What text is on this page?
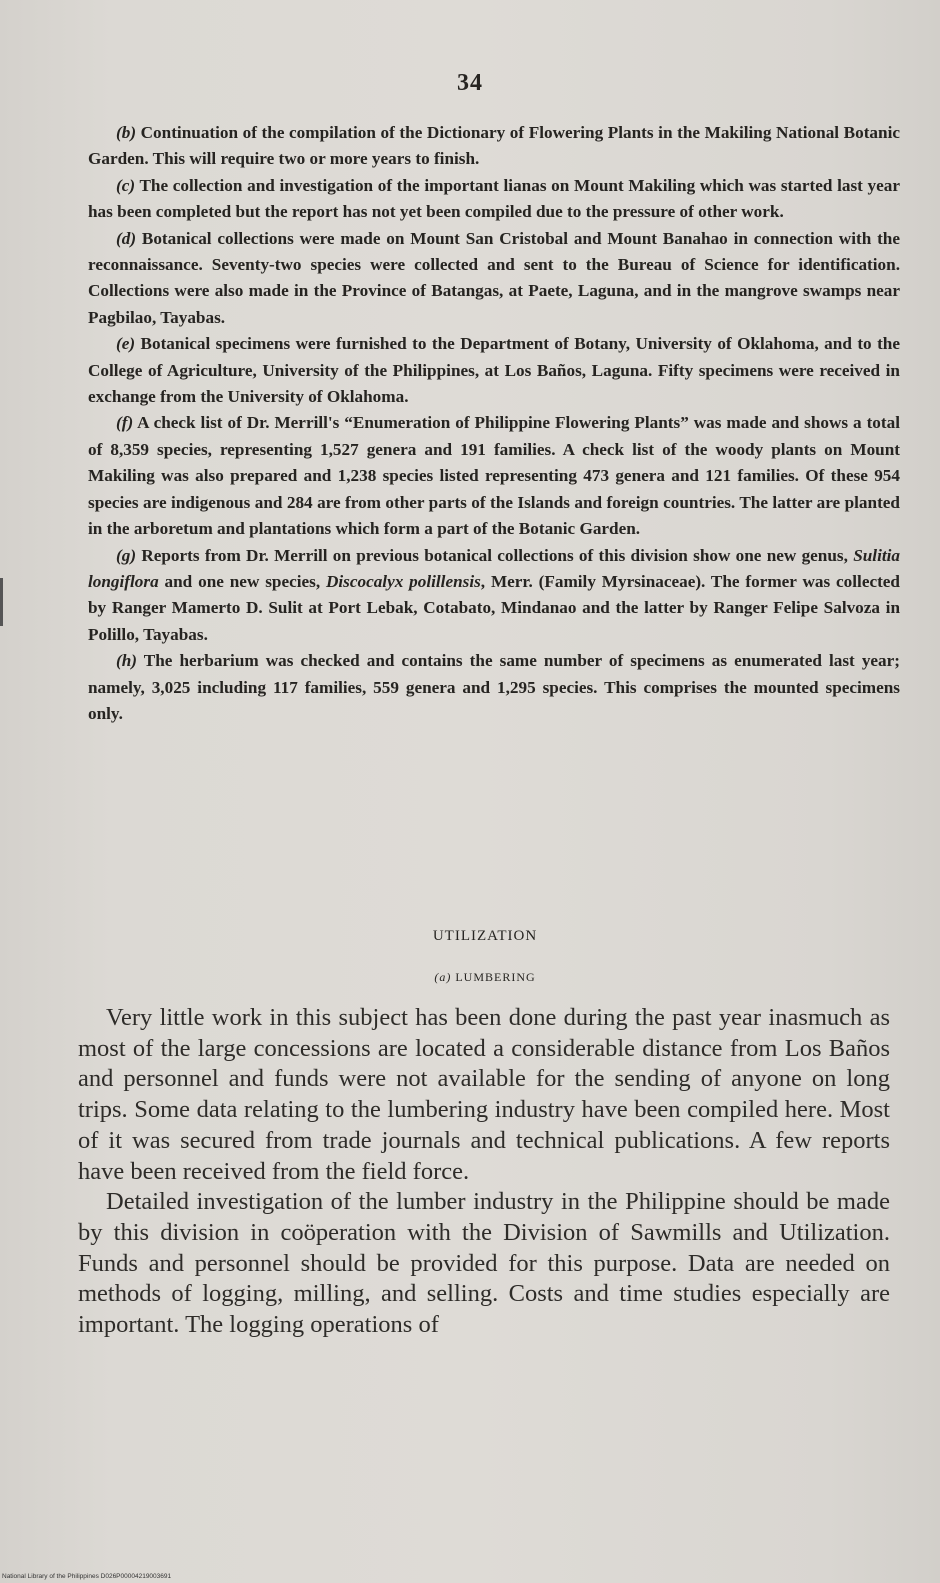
34

(b) Continuation of the compilation of the Dictionary of Flowering Plants in the Makiling National Botanic Garden. This will require two or more years to finish.

(c) The collection and investigation of the important lianas on Mount Makiling which was started last year has been completed but the report has not yet been compiled due to the pressure of other work.

(d) Botanical collections were made on Mount San Cristobal and Mount Banahao in connection with the reconnaissance. Seventy-two species were collected and sent to the Bureau of Science for identification. Collections were also made in the Province of Batangas, at Paete, Laguna, and in the mangrove swamps near Pagbilao, Tayabas.

(e) Botanical specimens were furnished to the Department of Botany, University of Oklahoma, and to the College of Agriculture, University of the Philippines, at Los Baños, Laguna. Fifty specimens were received in exchange from the University of Oklahoma.

(f) A check list of Dr. Merrill's “Enumeration of Philippine Flowering Plants” was made and shows a total of 8,359 species, representing 1,527 genera and 191 families. A check list of the woody plants on Mount Makiling was also prepared and 1,238 species listed representing 473 genera and 121 families. Of these 954 species are indigenous and 284 are from other parts of the Islands and foreign countries. The latter are planted in the arboretum and plantations which form a part of the Botanic Garden.

(g) Reports from Dr. Merrill on previous botanical collections of this division show one new genus, Sulitia longiflora and one new species, Discocalyx polillensis, Merr. (Family Myrsinaceae). The former was collected by Ranger Mamerto D. Sulit at Port Lebak, Cotabato, Mindanao and the latter by Ranger Felipe Salvoza in Polillo, Tayabas.

(h) The herbarium was checked and contains the same number of specimens as enumerated last year; namely, 3,025 including 117 families, 559 genera and 1,295 species. This comprises the mounted specimens only.

UTILIZATION
(a) LUMBERING

Very little work in this subject has been done during the past year inasmuch as most of the large concessions are located a considerable distance from Los Baños and personnel and funds were not available for the sending of anyone on long trips. Some data relating to the lumbering industry have been compiled here. Most of it was secured from trade journals and technical publications. A few reports have been received from the field force.

Detailed investigation of the lumber industry in the Philippine should be made by this division in coöperation with the Division of Sawmills and Utilization. Funds and personnel should be provided for this purpose. Data are needed on methods of logging, milling, and selling. Costs and time studies especially are important. The logging operations of

National Library of the Philippines D026P00004219003691
